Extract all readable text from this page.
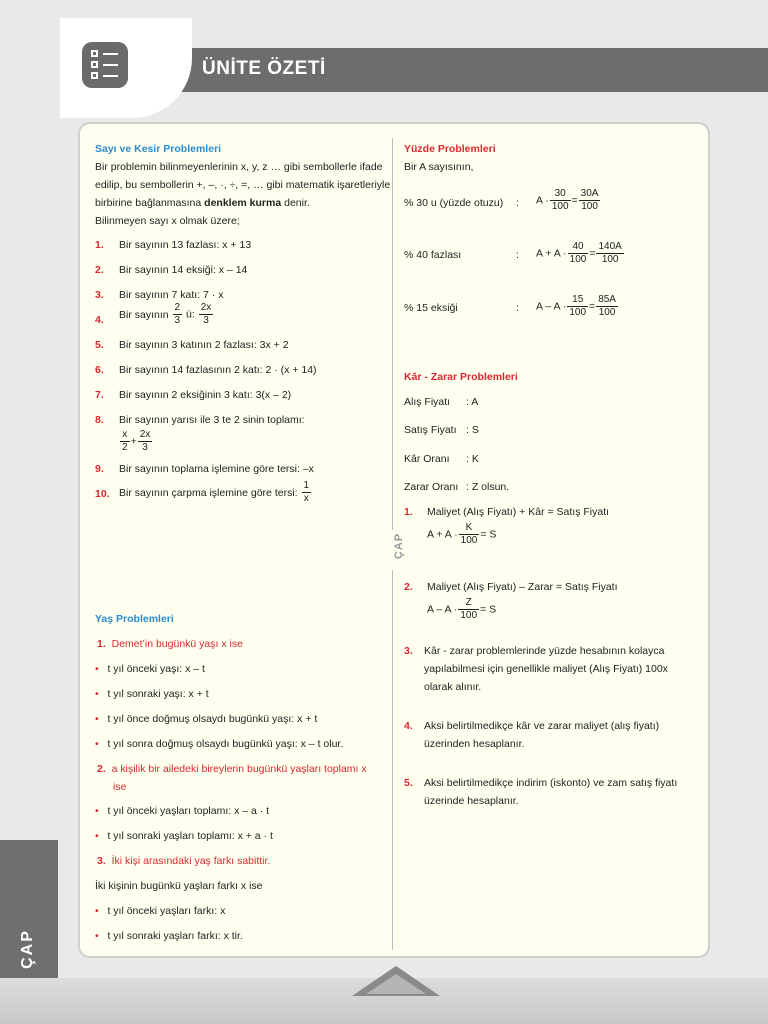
ÇAP
ÜNİTE ÖZETİ
ÇAP
Sayı ve Kesir Problemleri
Bir problemin bilinmeyenlerinin x, y, z … gibi sembollerle ifade
edilip, bu sembollerin +, –, ·, ÷, =, … gibi matematik işaretleriyle
birbirine bağlanmasına denklem kurma denir.
Bilinmeyen sayı x olmak üzere;
1. Bir sayının 13 fazlası: x + 13
2. Bir sayının 14 eksiği: x – 14
3. Bir sayının 7 katı: 7 · x
4. Bir sayının $\frac{2}{3}$ ü: $\frac{2x}{3}$
5. Bir sayının 3 katının 2 fazlası: 3x + 2
6. Bir sayının 14 fazlasının 2 katı: 2 · (x + 14)
7. Bir sayının 2 eksiğinin 3 katı: 3(x – 2)
8. Bir sayının yarısı ile 3 te 2 sinin toplamı:
$\frac{x}{2} + \frac{2x}{3}$
9. Bir sayının toplama işlemine göre tersi: –x
10. Bir sayının çarpma işlemine göre tersi: $\frac{1}{x}$
Yaş Problemleri
1. Demet’in bugünkü yaşı x ise
• t yıl önceki yaşı: x – t
• t yıl sonraki yaşı: x + t
• t yıl önce doğmuş olsaydı bugünkü yaşı: x + t
• t yıl sonra doğmuş olsaydı bugünkü yaşı: x – t olur.
2. a kişilik bir ailedeki bireylerin bugünkü yaşları toplamı x
ise
• t yıl önceki yaşları toplamı: x – a · t
• t yıl sonraki yaşları toplamı: x + a · t
3. İki kişi arasındaki yaş farkı sabittir.
İki kişinin bugünkü yaşları farkı x ise
• t yıl önceki yaşları farkı: x
• t yıl sonraki yaşları farkı: x tir.
Yüzde Problemleri
Bir A sayısının,
% 30 u (yüzde otuzu) : $A \cdot \frac{30}{100} = \frac{30A}{100}$
% 40 fazlası	: $A + A \cdot \frac{40}{100} = \frac{140A}{100}$
% 15 eksiği	: $A - A \cdot \frac{15}{100} = \frac{85A}{100}$
Kâr - Zarar Problemleri
Alış Fiyatı : A
Satış Fiyatı : S
Kâr Oranı : K
Zarar Oranı : Z olsun.
1. Maliyet (Alış Fiyatı) + Kâr = Satış Fiyatı
$A + A \cdot \frac{K}{100} = S$
2. Maliyet (Alış Fiyatı) – Zarar = Satış Fiyatı
$A - A \cdot \frac{Z}{100} = S$
3. Kâr - zarar problemlerinde yüzde hesabının kolayca
yapılabilmesi için genellikle maliyet (Alış Fiyatı) 100x
olarak alınır.
4. Aksi belirtilmedikçe kâr ve zarar maliyet (alış fiyatı)
üzerinden hesaplanır.
5. Aksi belirtilmedikçe indirim (iskonto) ve zam satış fiyatı
üzerinde hesaplanır.
